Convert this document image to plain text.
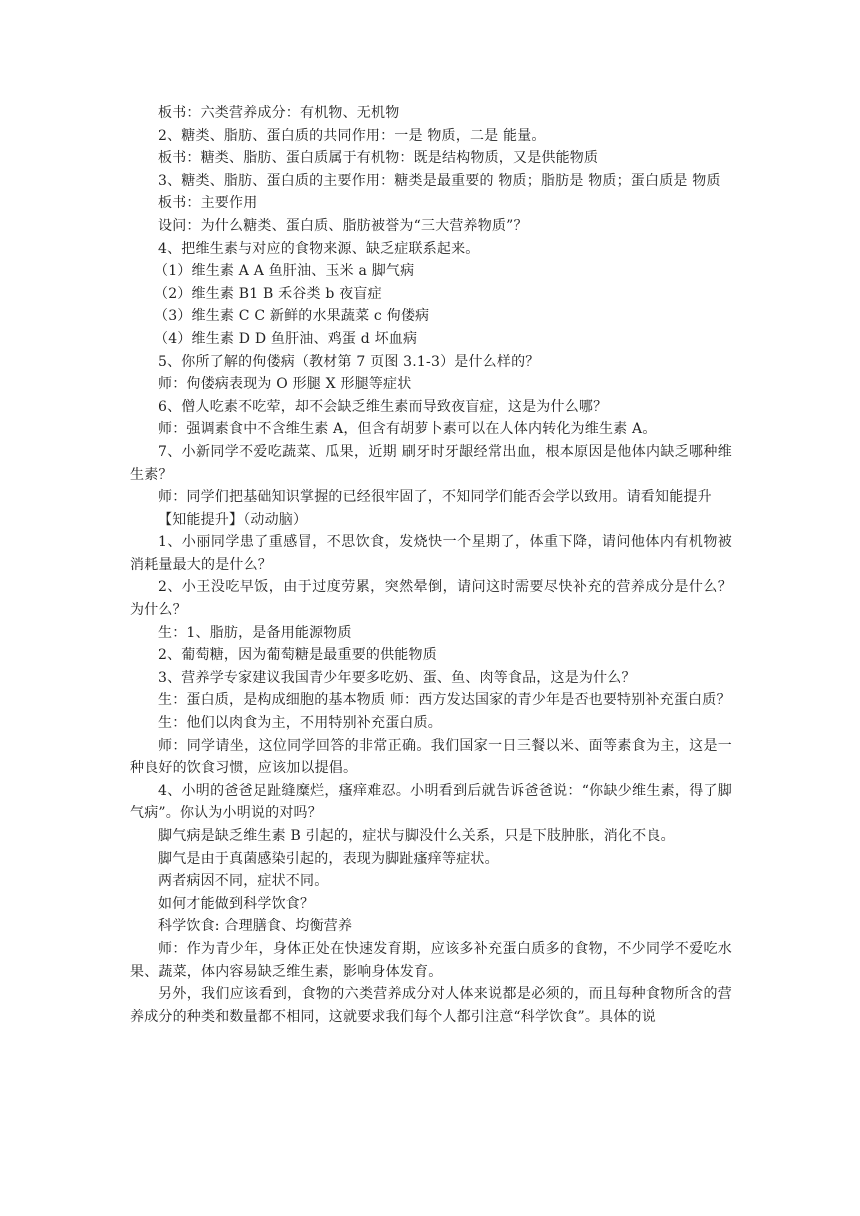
板书：六类营养成分：有机物、无机物

2、糖类、脂肪、蛋白质的共同作用：一是 物质，二是 能量。

板书：糖类、脂肪、蛋白质属于有机物：既是结构物质，又是供能物质

3、糖类、脂肪、蛋白质的主要作用：糖类是最重要的 物质；脂肪是 物质；蛋白质是 物质

板书：主要作用

设问：为什么糖类、蛋白质、脂肪被誉为“三大营养物质”？

4、把维生素与对应的食物来源、缺乏症联系起来。

（1）维生素 A A 鱼肝油、玉米 a 脚气病

（2）维生素 B1 B 禾谷类 b 夜盲症

（3）维生素 C C 新鲜的水果蔬菜 c 佝偻病

（4）维生素 D D 鱼肝油、鸡蛋 d 坏血病

5、你所了解的佝偻病（教材第 7 页图 3.1-3）是什么样的？

师：佝偻病表现为 O 形腿 X 形腿等症状

6、僧人吃素不吃荤，却不会缺乏维生素而导致夜盲症，这是为什么哪？

师：强调素食中不含维生素 A，但含有胡萝卜素可以在人体内转化为维生素 A。

7、小新同学不爱吃蔬菜、瓜果，近期 刷牙时牙龈经常出血，根本原因是他体内缺乏哪种维生素？

师：同学们把基础知识掌握的已经很牢固了，不知同学们能否会学以致用。请看知能提升

【知能提升】（动动脑）

1、小丽同学患了重感冒，不思饮食，发烧快一个星期了，体重下降，请问他体内有机物被消耗量最大的是什么？

2、小王没吃早饭，由于过度劳累，突然晕倒，请问这时需要尽快补充的营养成分是什么？为什么？

生：1、脂肪，是备用能源物质

2、葡萄糖，因为葡萄糖是最重要的供能物质

3、营养学专家建议我国青少年要多吃奶、蛋、鱼、肉等食品，这是为什么？

生：蛋白质，是构成细胞的基本物质 师：西方发达国家的青少年是否也要特别补充蛋白质？

生：他们以肉食为主，不用特别补充蛋白质。

师：同学请坐，这位同学回答的非常正确。我们国家一日三餐以米、面等素食为主，这是一种良好的饮食习惯，应该加以提倡。

4、小明的爸爸足趾缝糜烂，瘙痒难忍。小明看到后就告诉爸爸说：“你缺少维生素，得了脚气病”。你认为小明说的对吗？

脚气病是缺乏维生素 B 引起的，症状与脚没什么关系，只是下肢肿胀，消化不良。

脚气是由于真菌感染引起的，表现为脚趾瘙痒等症状。

两者病因不同，症状不同。

如何才能做到科学饮食？

科学饮食: 合理膳食、均衡营养

师：作为青少年，身体正处在快速发育期，应该多补充蛋白质多的食物，不少同学不爱吃水果、蔬菜，体内容易缺乏维生素，影响身体发育。

另外，我们应该看到，食物的六类营养成分对人体来说都是必须的，而且每种食物所含的营养成分的种类和数量都不相同，这就要求我们每个人都引注意“科学饮食”。具体的说
